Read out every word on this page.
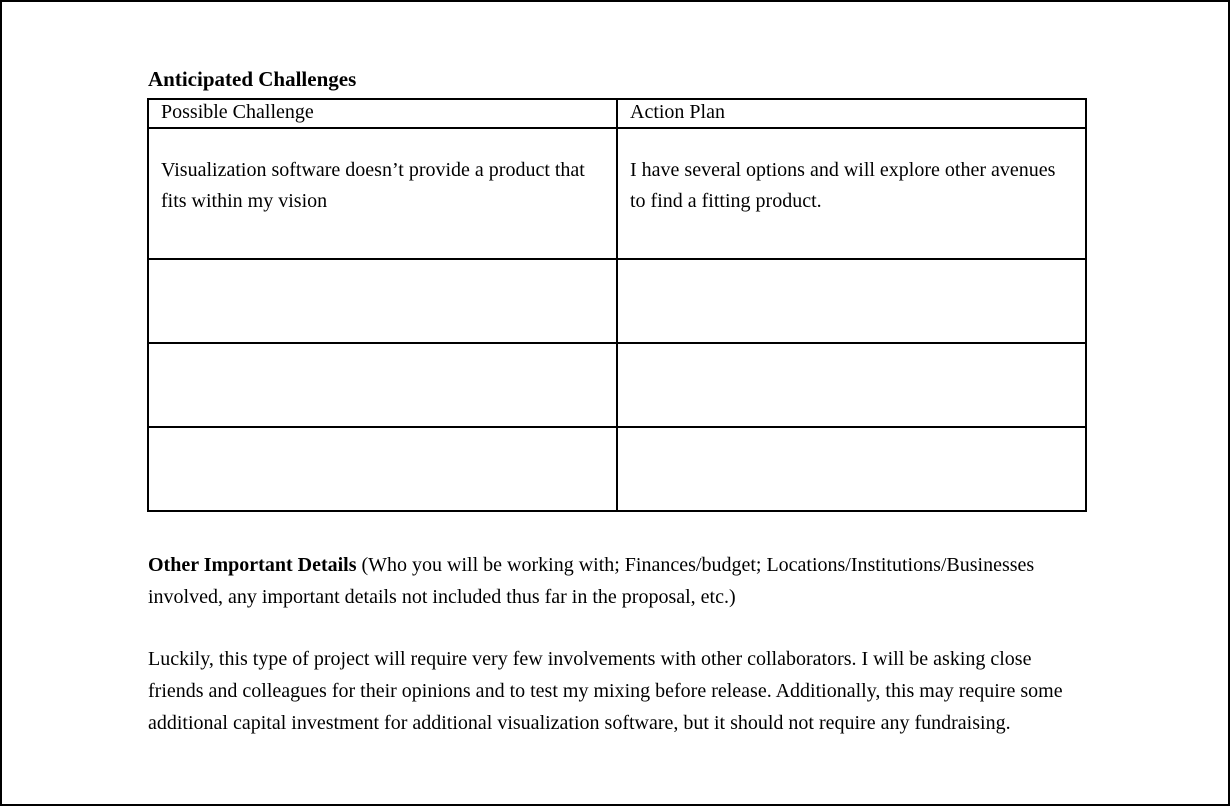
Anticipated Challenges
Possible Challenge	Action Plan
Visualization software doesn’t provide a product that fits within my vision	I have several options and will explore other avenues to find a fitting product.

Other Important Details (Who you will be working with; Finances/budget; Locations/Institutions/Businesses involved, any important details not included thus far in the proposal, etc.)

Luckily, this type of project will require very few involvements with other collaborators. I will be asking close friends and colleagues for their opinions and to test my mixing before release. Additionally, this may require some additional capital investment for additional visualization software, but it should not require any fundraising.
